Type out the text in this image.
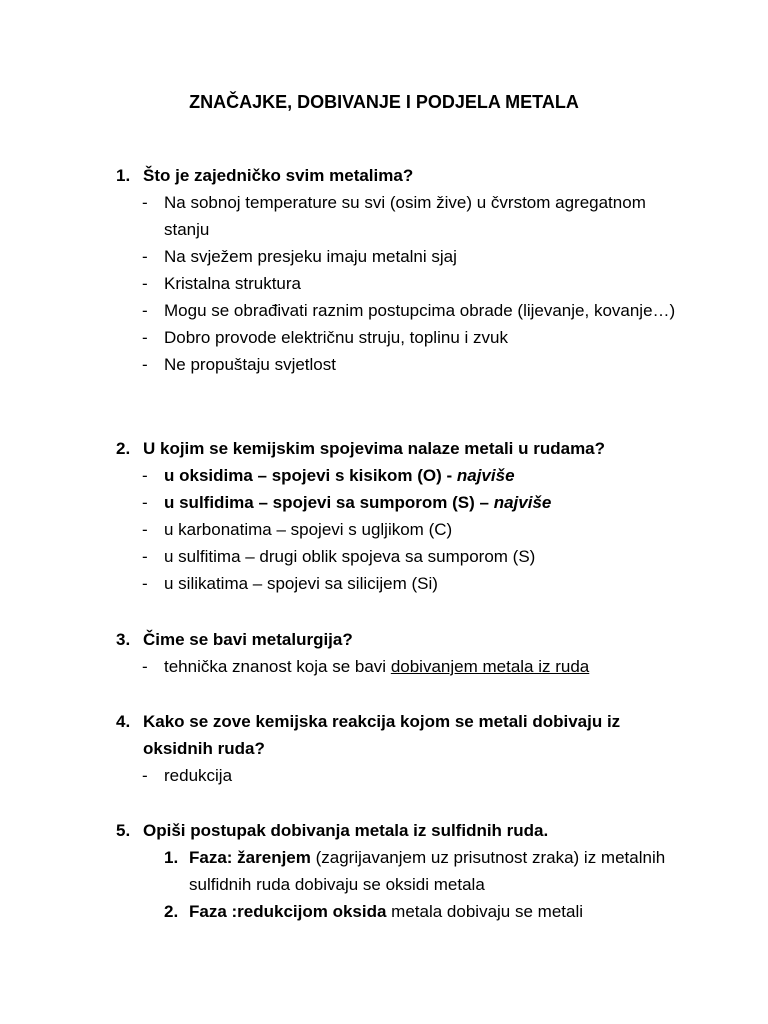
ZNAČAJKE, DOBIVANJE I PODJELA METALA
1. Što je zajedničko svim metalima?
- Na sobnoj temperature su svi (osim žive) u čvrstom agregatnom stanju
- Na svježem presjeku imaju metalni sjaj
- Kristalna struktura
- Mogu se obrađivati raznim postupcima obrade (lijevanje, kovanje…)
- Dobro provode električnu struju, toplinu i zvuk
- Ne propuštaju svjetlost
2. U kojim se kemijskim spojevima nalaze metali u rudama?
- u oksidima – spojevi s kisikom (O) - najviše
- u sulfidima – spojevi sa sumporom (S) – najviše
- u karbonatima – spojevi s ugljikom (C)
- u sulfitima – drugi oblik spojeva sa sumporom (S)
- u silikatima – spojevi sa silicijem (Si)
3. Čime se bavi metalurgija?
- tehnička znanost koja se bavi dobivanjem metala iz ruda
4. Kako se zove kemijska reakcija kojom se metali dobivaju iz oksidnih ruda?
- redukcija
5. Opiši postupak dobivanja metala iz sulfidnih ruda.
1. Faza: žarenjem (zagrijavanjem uz prisutnost zraka) iz metalnih sulfidnih ruda dobivaju se oksidi metala
2. Faza :redukcijom oksida metala dobivaju se metali
